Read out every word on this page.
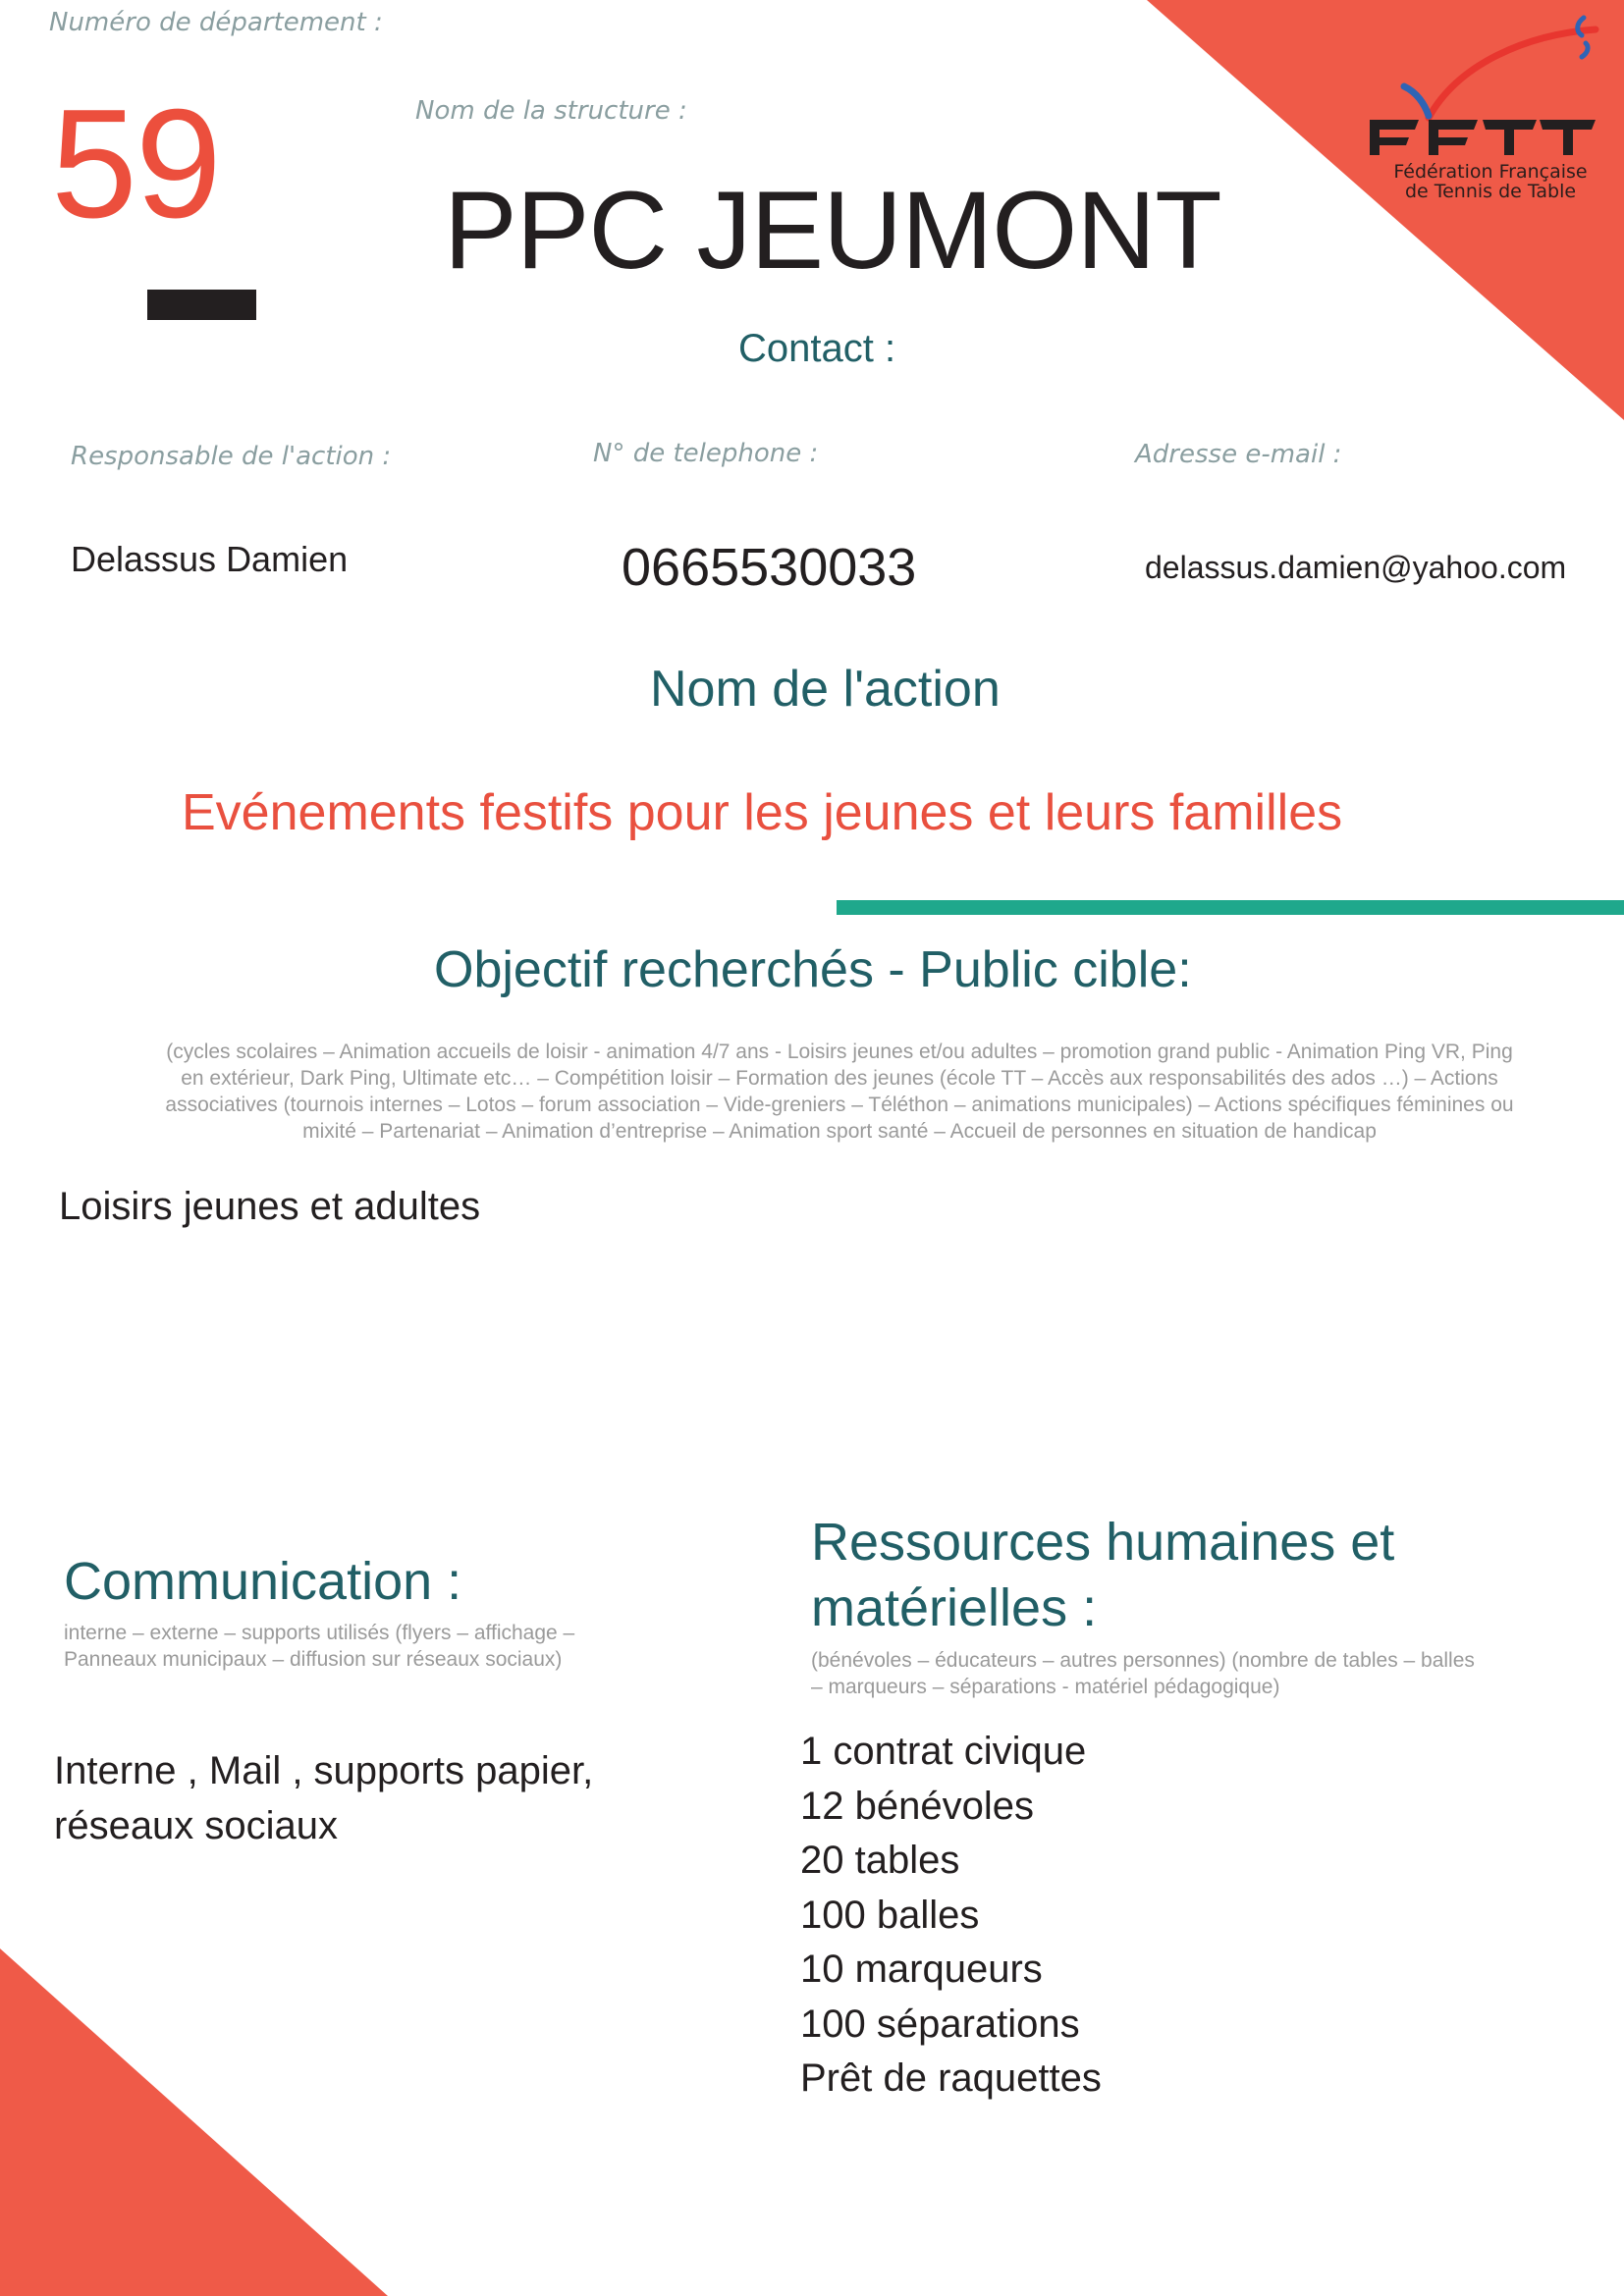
Fédération Française
de Tennis de Table
Numéro de département :
59	Nom de la structure :
PPC JEUMONT
Contact :
Responsable de l'action :	N° de telephone :	Adresse e-mail :
Delassus Damien	0665530033	delassus.damien@yahoo.com
Nom de l'action
Evénements festifs pour les jeunes et leurs familles
Objectif recherchés - Public cible:
(cycles scolaires – Animation accueils de loisir - animation 4/7 ans - Loisirs jeunes et/ou adultes – promotion grand public - Animation Ping VR, Ping en extérieur, Dark Ping, Ultimate etc… – Compétition loisir – Formation des jeunes (école TT – Accès aux responsabilités des ados …) – Actions associatives (tournois internes – Lotos – forum association – Vide-greniers – Téléthon – animations municipales) – Actions spécifiques féminines ou mixité – Partenariat – Animation d’entreprise – Animation sport santé – Accueil de personnes en situation de handicap
Loisirs jeunes et adultes
Communication :
interne – externe – supports utilisés (flyers – affichage –
Panneaux municipaux – diffusion sur réseaux sociaux)
Interne , Mail , supports papier,
réseaux sociaux
Ressources humaines et
matérielles :
(bénévoles – éducateurs – autres personnes) (nombre de tables – balles
– marqueurs – séparations - matériel pédagogique)
1 contrat civique
12 bénévoles
20 tables
100 balles
10 marqueurs
100 séparations
Prêt de raquettes
